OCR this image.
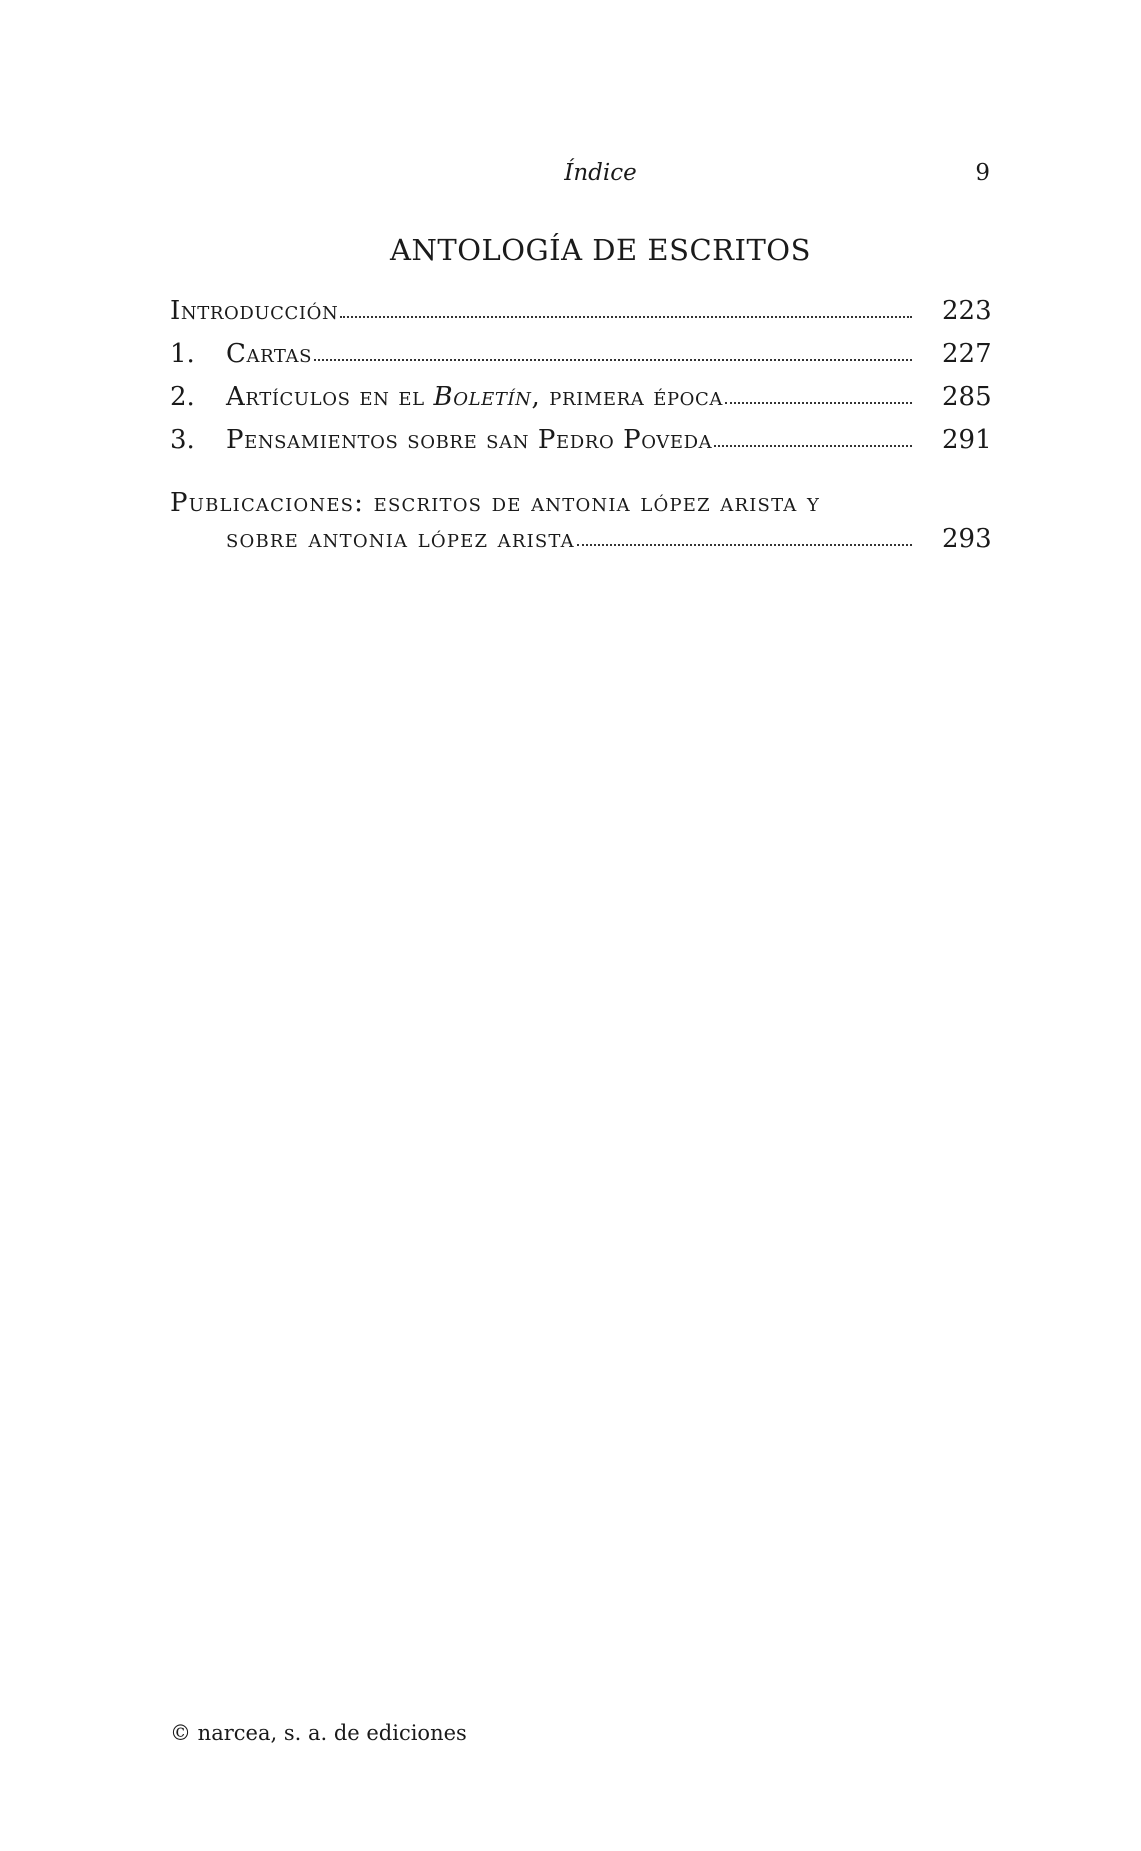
Índice	9
ANTOLOGÍA DE ESCRITOS
Introducción	223
1.	Cartas	227
2.	Artículos en el Boletín, primera época	285
3.	Pensamientos sobre san Pedro Poveda	291
Publicaciones: escritos de antonia lópez arista y
sobre antonia lópez arista	293
© narcea, s. a. de ediciones
